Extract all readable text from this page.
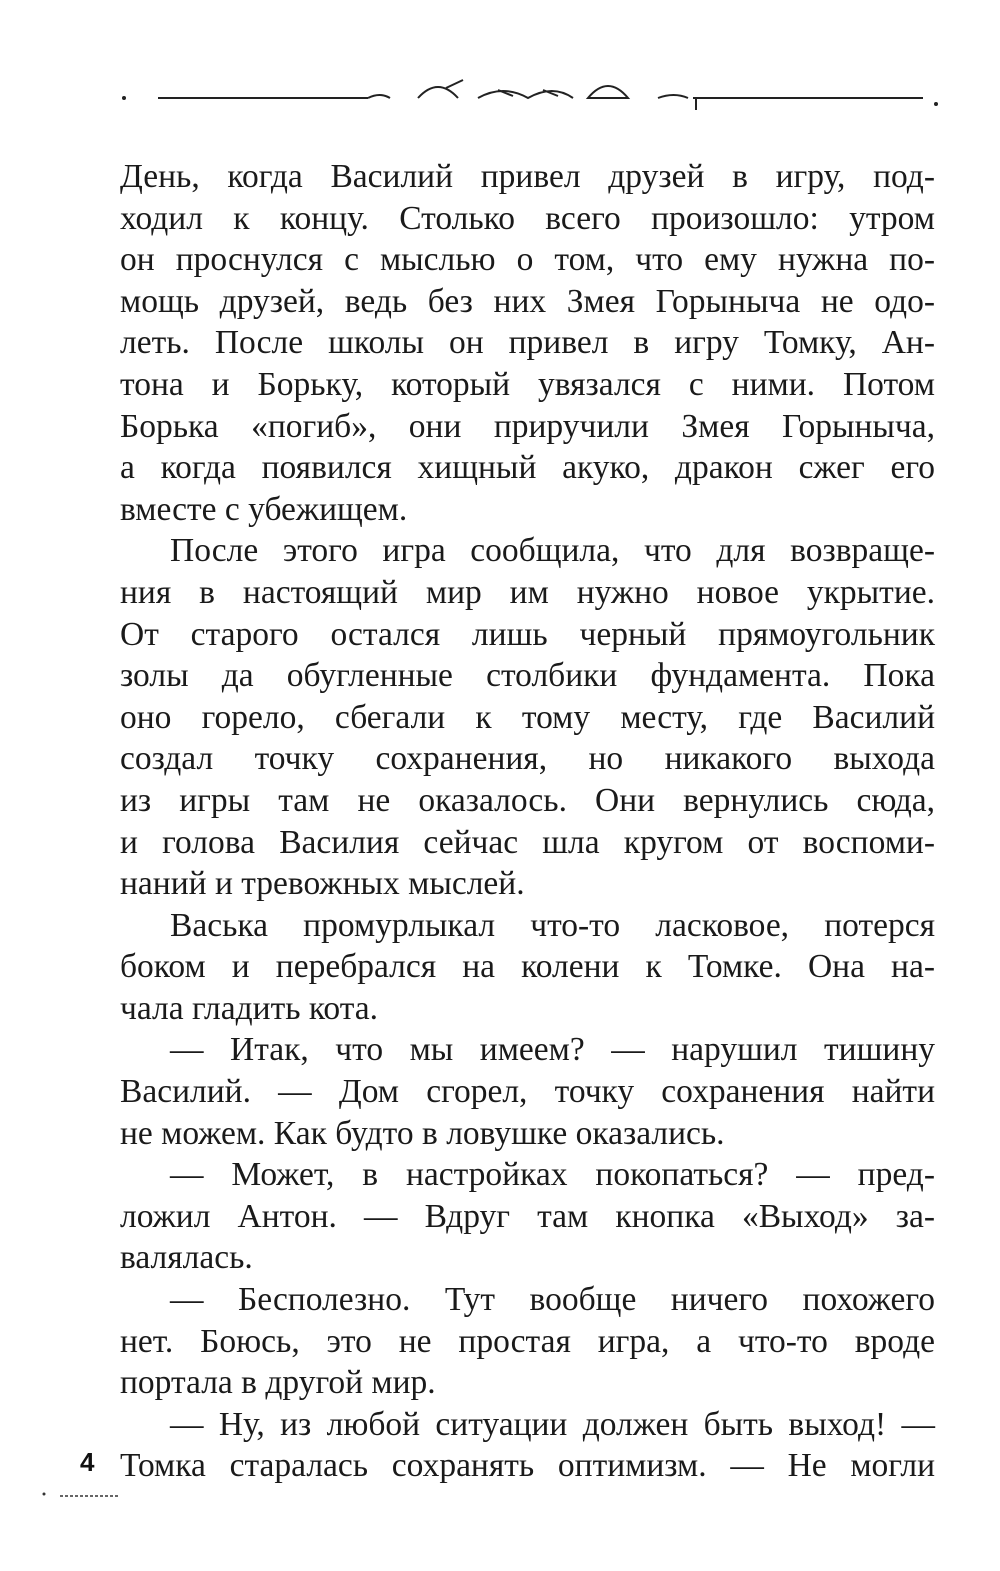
День, когда Василий привел друзей в игру, под-
ходил к концу. Столько всего произошло: утром
он проснулся с мыслью о том, что ему нужна по-
мощь друзей, ведь без них Змея Горыныча не одо-
леть. После школы он привел в игру Томку, Ан-
тона и Борьку, который увязался с ними. Потом
Борька «погиб», они приручили Змея Горыныча,
а когда появился хищный акуко, дракон сжег его
вместе с убежищем.
После этого игра сообщила, что для возвраще-
ния в настоящий мир им нужно новое укрытие.
От старого остался лишь черный прямоугольник
золы да обугленные столбики фундамента. Пока
оно горело, сбегали к тому месту, где Василий
создал точку сохранения, но никакого выхода
из игры там не оказалось. Они вернулись сюда,
и голова Василия сейчас шла кругом от воспоми-
наний и тревожных мыслей.
Васька промурлыкал что-то ласковое, потерся
боком и перебрался на колени к Томке. Она на-
чала гладить кота.
— Итак, что мы имеем? — нарушил тишину
Василий. — Дом сгорел, точку сохранения найти
не можем. Как будто в ловушке оказались.
— Может, в настройках покопаться? — пред-
ложил Антон. — Вдруг там кнопка «Выход» за-
валялась.
— Бесполезно. Тут вообще ничего похожего
нет. Боюсь, это не простая игра, а что-то вроде
портала в другой мир.
— Ну, из любой ситуации должен быть выход! —
Томка старалась сохранять оптимизм. — Не могли
4
